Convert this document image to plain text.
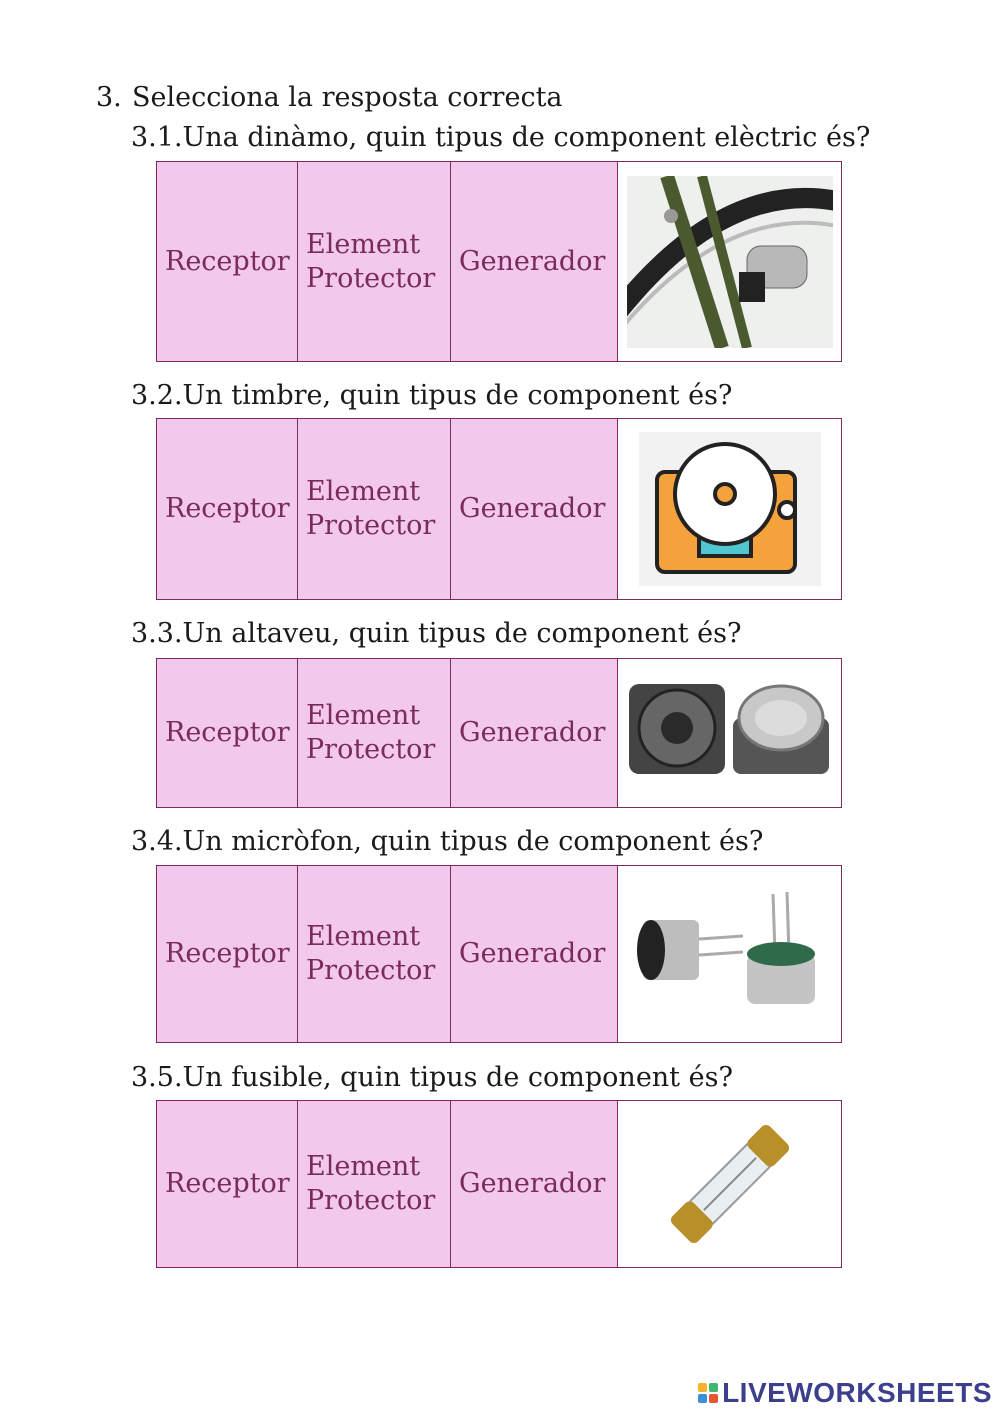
3. Selecciona la resposta correcta
3.1.Una dinàmo, quin tipus de component elèctric és?
Receptor
Element Protector
Generador
3.2.Un timbre, quin tipus de component és?
Receptor
Element Protector
Generador
3.3.Un altaveu, quin tipus de component és?
Receptor
Element Protector
Generador
3.4.Un micròfon, quin tipus de component és?
Receptor
Element Protector
Generador
3.5.Un fusible, quin tipus de component és?
Receptor
Element Protector
Generador
LIVEWORKSHEETS
